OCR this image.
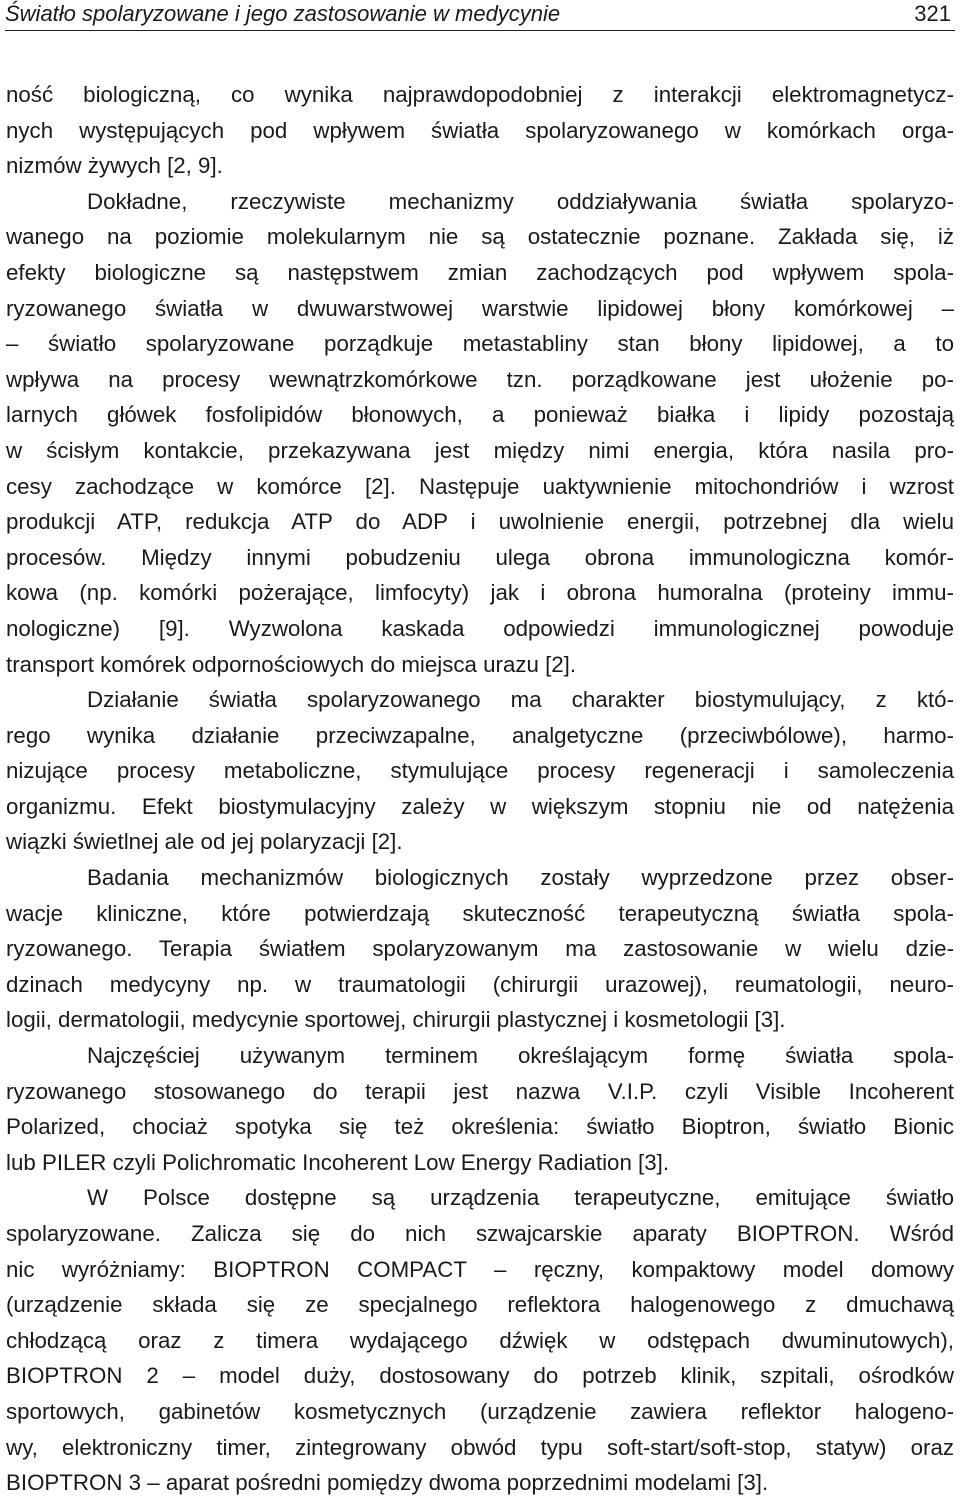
Światło spolaryzowane i jego zastosowanie w medycynie	321
ność biologiczną, co wynika najprawdopodobniej z interakcji elektromagnetycz-
nych występujących pod wpływem światła spolaryzowanego w komórkach orga-
nizmów żywych [2, 9].
Dokładne, rzeczywiste mechanizmy oddziaływania światła spolaryzo-
wanego na poziomie molekularnym nie są ostatecznie poznane. Zakłada się, iż
efekty biologiczne są następstwem zmian zachodzących pod wpływem spola-
ryzowanego światła w dwuwarstwowej warstwie lipidowej błony komórkowej –
– światło spolaryzowane porządkuje metastabliny stan błony lipidowej, a to
wpływa na procesy wewnątrzkomórkowe tzn. porządkowane jest ułożenie po-
larnych główek fosfolipidów błonowych, a ponieważ białka i lipidy pozostają
w ścisłym kontakcie, przekazywana jest między nimi energia, która nasila pro-
cesy zachodzące w komórce [2]. Następuje uaktywnienie mitochondriów i wzrost
produkcji ATP, redukcja ATP do ADP i uwolnienie energii, potrzebnej dla wielu
procesów. Między innymi pobudzeniu ulega obrona immunologiczna komór-
kowa (np. komórki pożerające, limfocyty) jak i obrona humoralna (proteiny immu-
nologiczne) [9]. Wyzwolona kaskada odpowiedzi immunologicznej powoduje
transport komórek odpornościowych do miejsca urazu [2].
Działanie światła spolaryzowanego ma charakter biostymulujący, z któ-
rego wynika działanie przeciwzapalne, analgetyczne (przeciwbólowe), harmo-
nizujące procesy metaboliczne, stymulujące procesy regeneracji i samoleczenia
organizmu. Efekt biostymulacyjny zależy w większym stopniu nie od natężenia
wiązki świetlnej ale od jej polaryzacji [2].
Badania mechanizmów biologicznych zostały wyprzedzone przez obser-
wacje kliniczne, które potwierdzają skuteczność terapeutyczną światła spola-
ryzowanego. Terapia światłem spolaryzowanym ma zastosowanie w wielu dzie-
dzinach medycyny np. w traumatologii (chirurgii urazowej), reumatologii, neuro-
logii, dermatologii, medycynie sportowej, chirurgii plastycznej i kosmetologii [3].
Najczęściej używanym terminem określającym formę światła spola-
ryzowanego stosowanego do terapii jest nazwa V.I.P. czyli Visible Incoherent
Polarized, chociaż spotyka się też określenia: światło Bioptron, światło Bionic
lub PILER czyli Polichromatic Incoherent Low Energy Radiation [3].
W Polsce dostępne są urządzenia terapeutyczne, emitujące światło
spolaryzowane. Zalicza się do nich szwajcarskie aparaty BIOPTRON. Wśród
nic wyróżniamy: BIOPTRON COMPACT – ręczny, kompaktowy model domowy
(urządzenie składa się ze specjalnego reflektora halogenowego z dmuchawą
chłodzącą oraz z timera wydającego dźwięk w odstępach dwuminutowych),
BIOPTRON 2 – model duży, dostosowany do potrzeb klinik, szpitali, ośrodków
sportowych, gabinetów kosmetycznych (urządzenie zawiera reflektor halogeno-
wy, elektroniczny timer, zintegrowany obwód typu soft-start/soft-stop, statyw) oraz
BIOPTRON 3 – aparat pośredni pomiędzy dwoma poprzednimi modelami [3].
